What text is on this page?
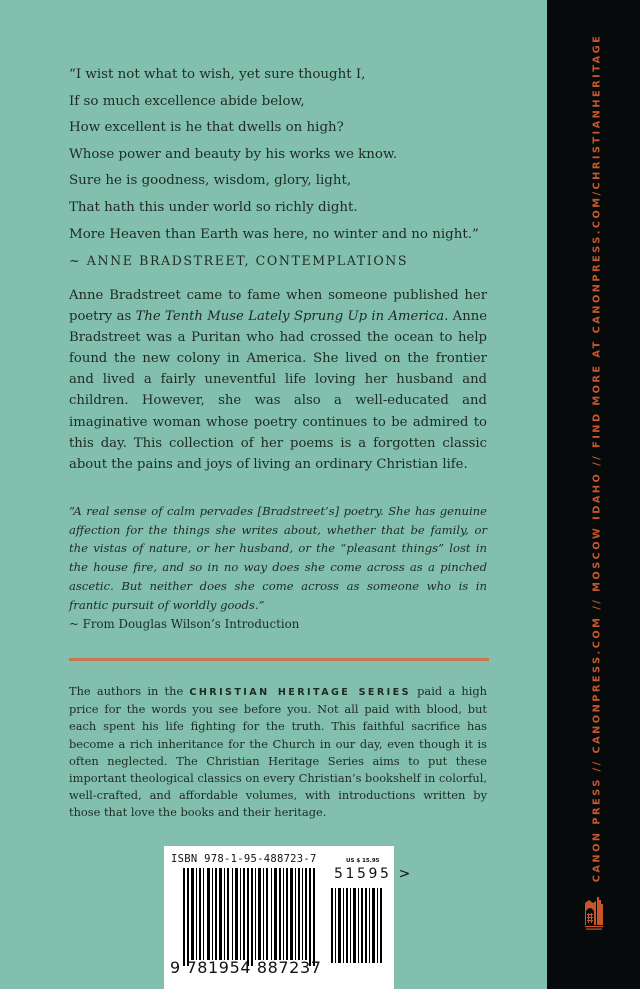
“I wist not what to wish, yet sure thought I,
If so much excellence abide below,
How excellent is he that dwells on high?
Whose power and beauty by his works we know.
Sure he is goodness, wisdom, glory, light,
That hath this under world so richly dight.
More Heaven than Earth was here, no winter and no night.”
~ ANNE BRADSTREET, CONTEMPLATIONS
Anne Bradstreet came to fame when someone published her poetry as The Tenth Muse Lately Sprung Up in America. Anne Bradstreet was a Puritan who had crossed the ocean to help found the new colony in America. She lived on the frontier and lived a fairly uneventful life loving her husband and children. However, she was also a well-educated and imaginative woman whose poetry continues to be admired to this day. This collection of her poems is a forgotten classic about the pains and joys of living an ordinary Christian life.
“A real sense of calm pervades [Bradstreet’s] poetry. She has genuine affection for the things she writes about, whether that be family, or the vistas of nature, or her husband, or the “pleasant things” lost in the house fire, and so in no way does she come across as a pinched ascetic. But neither does she come across as someone who is in frantic pursuit of worldly goods.”
~ From Douglas Wilson’s Introduction
The authors in the CHRISTIAN HERITAGE SERIES paid a high price for the words you see before you. Not all paid with blood, but each spent his life fighting for the truth. This faithful sacrifice has become a rich inheritance for the Church in our day, even though it is often neglected. The Christian Heritage Series aims to put these important theological classics on every Christian’s bookshelf in colorful, well-crafted, and affordable volumes, with introductions written by those that love the books and their heritage.
ISBN 978-1-95-488723-7	US $ 15.95
51595 >
9 781954 887237
CANON PRESS // CANONPRESS.COM // MOSCOW IDAHO // FIND MORE AT CANONPRESS.COM/CHRISTIANHERITAGE
